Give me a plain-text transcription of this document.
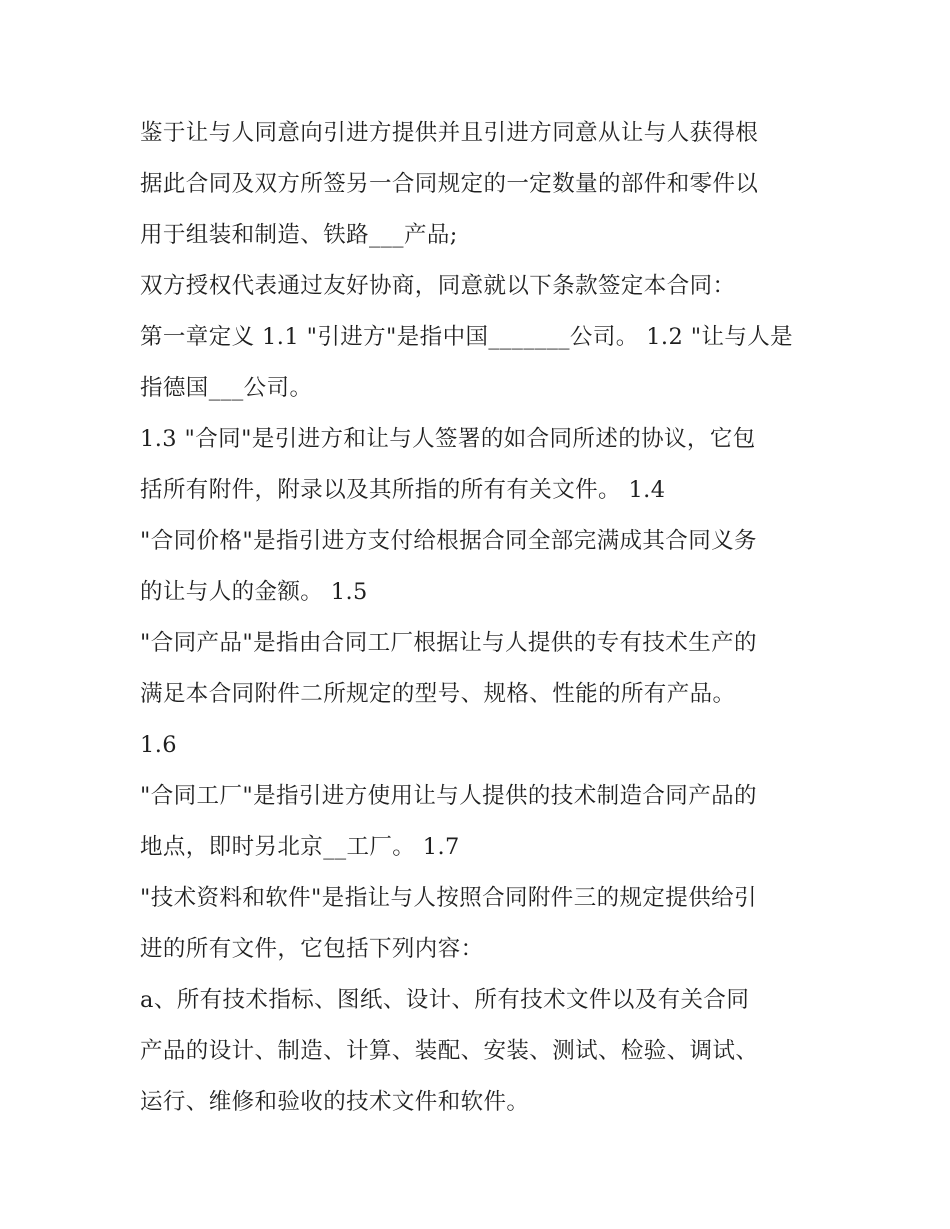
鉴于让与人同意向引进方提供并且引进方同意从让与人获得根
据此合同及双方所签另一合同规定的一定数量的部件和零件以
用于组装和制造、铁路___产品;
双方授权代表通过友好协商，同意就以下条款签定本合同：
第一章定义 1.1 "引进方"是指中国_______公司。 1.2 "让与人是
指德国___公司。
1.3 "合同"是引进方和让与人签署的如合同所述的协议，它包
括所有附件，附录以及其所指的所有有关文件。 1.4
"合同价格"是指引进方支付给根据合同全部完满成其合同义务
的让与人的金额。 1.5
"合同产品"是指由合同工厂根据让与人提供的专有技术生产的
满足本合同附件二所规定的型号、规格、性能的所有产品。
1.6
"合同工厂"是指引进方使用让与人提供的技术制造合同产品的
地点，即时另北京__工厂。 1.7
"技术资料和软件"是指让与人按照合同附件三的规定提供给引
进的所有文件，它包括下列内容：
a、所有技术指标、图纸、设计、所有技术文件以及有关合同
产品的设计、制造、计算、装配、安装、测试、检验、调试、
运行、维修和验收的技术文件和软件。
